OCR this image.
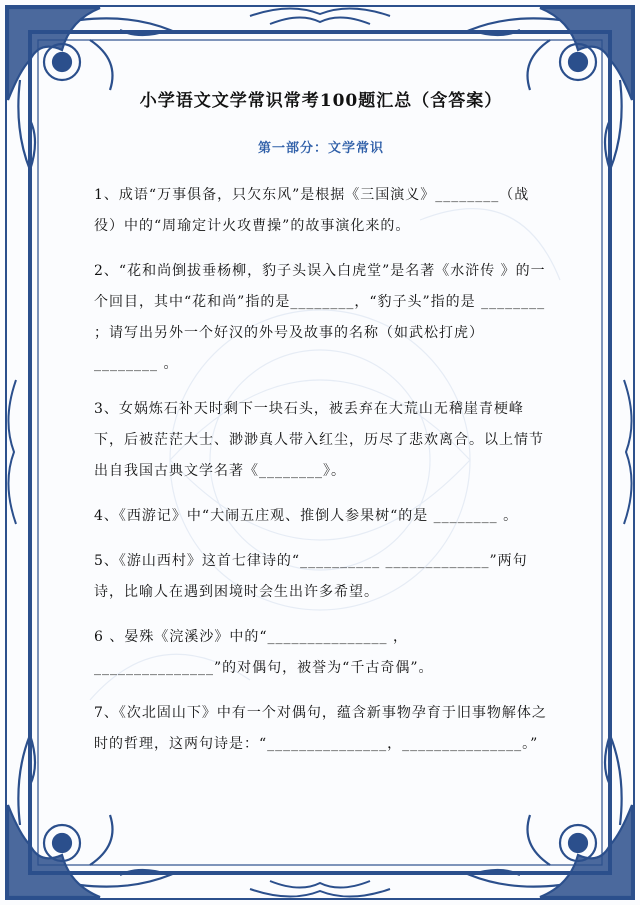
小学语文文学常识常考100题汇总（含答案）
第一部分：文学常识
1、成语“万事俱备，只欠东风”是根据《三国演义》________（战役）中的“周瑜定计火攻曹操”的故事演化来的。
2、“花和尚倒拔垂杨柳，豹子头误入白虎堂”是名著《水浒传 》的一个回目，其中“花和尚”指的是________，“豹子头”指的是 ________ ；请写出另外一个好汉的外号及故事的名称（如武松打虎） ________ 。
3、女娲炼石补天时剩下一块石头，被丢弃在大荒山无稽崖青梗峰下，后被茫茫大士、渺渺真人带入红尘，历尽了悲欢离合。以上情节出自我国古典文学名著《________》。
4、《西游记》中“大闹五庄观、推倒人参果树“的是 ________ 。
5、《游山西村》这首七律诗的“__________ _____________”两句诗，比喻人在遇到困境时会生出许多希望。
6 、晏殊《浣溪沙》中的“_______________ ，_______________”的对偶句，被誉为“千古奇偶”。
7、《次北固山下》中有一个对偶句，蕴含新事物孕育于旧事物解体之时的哲理，这两句诗是：“_______________，_______________。”
